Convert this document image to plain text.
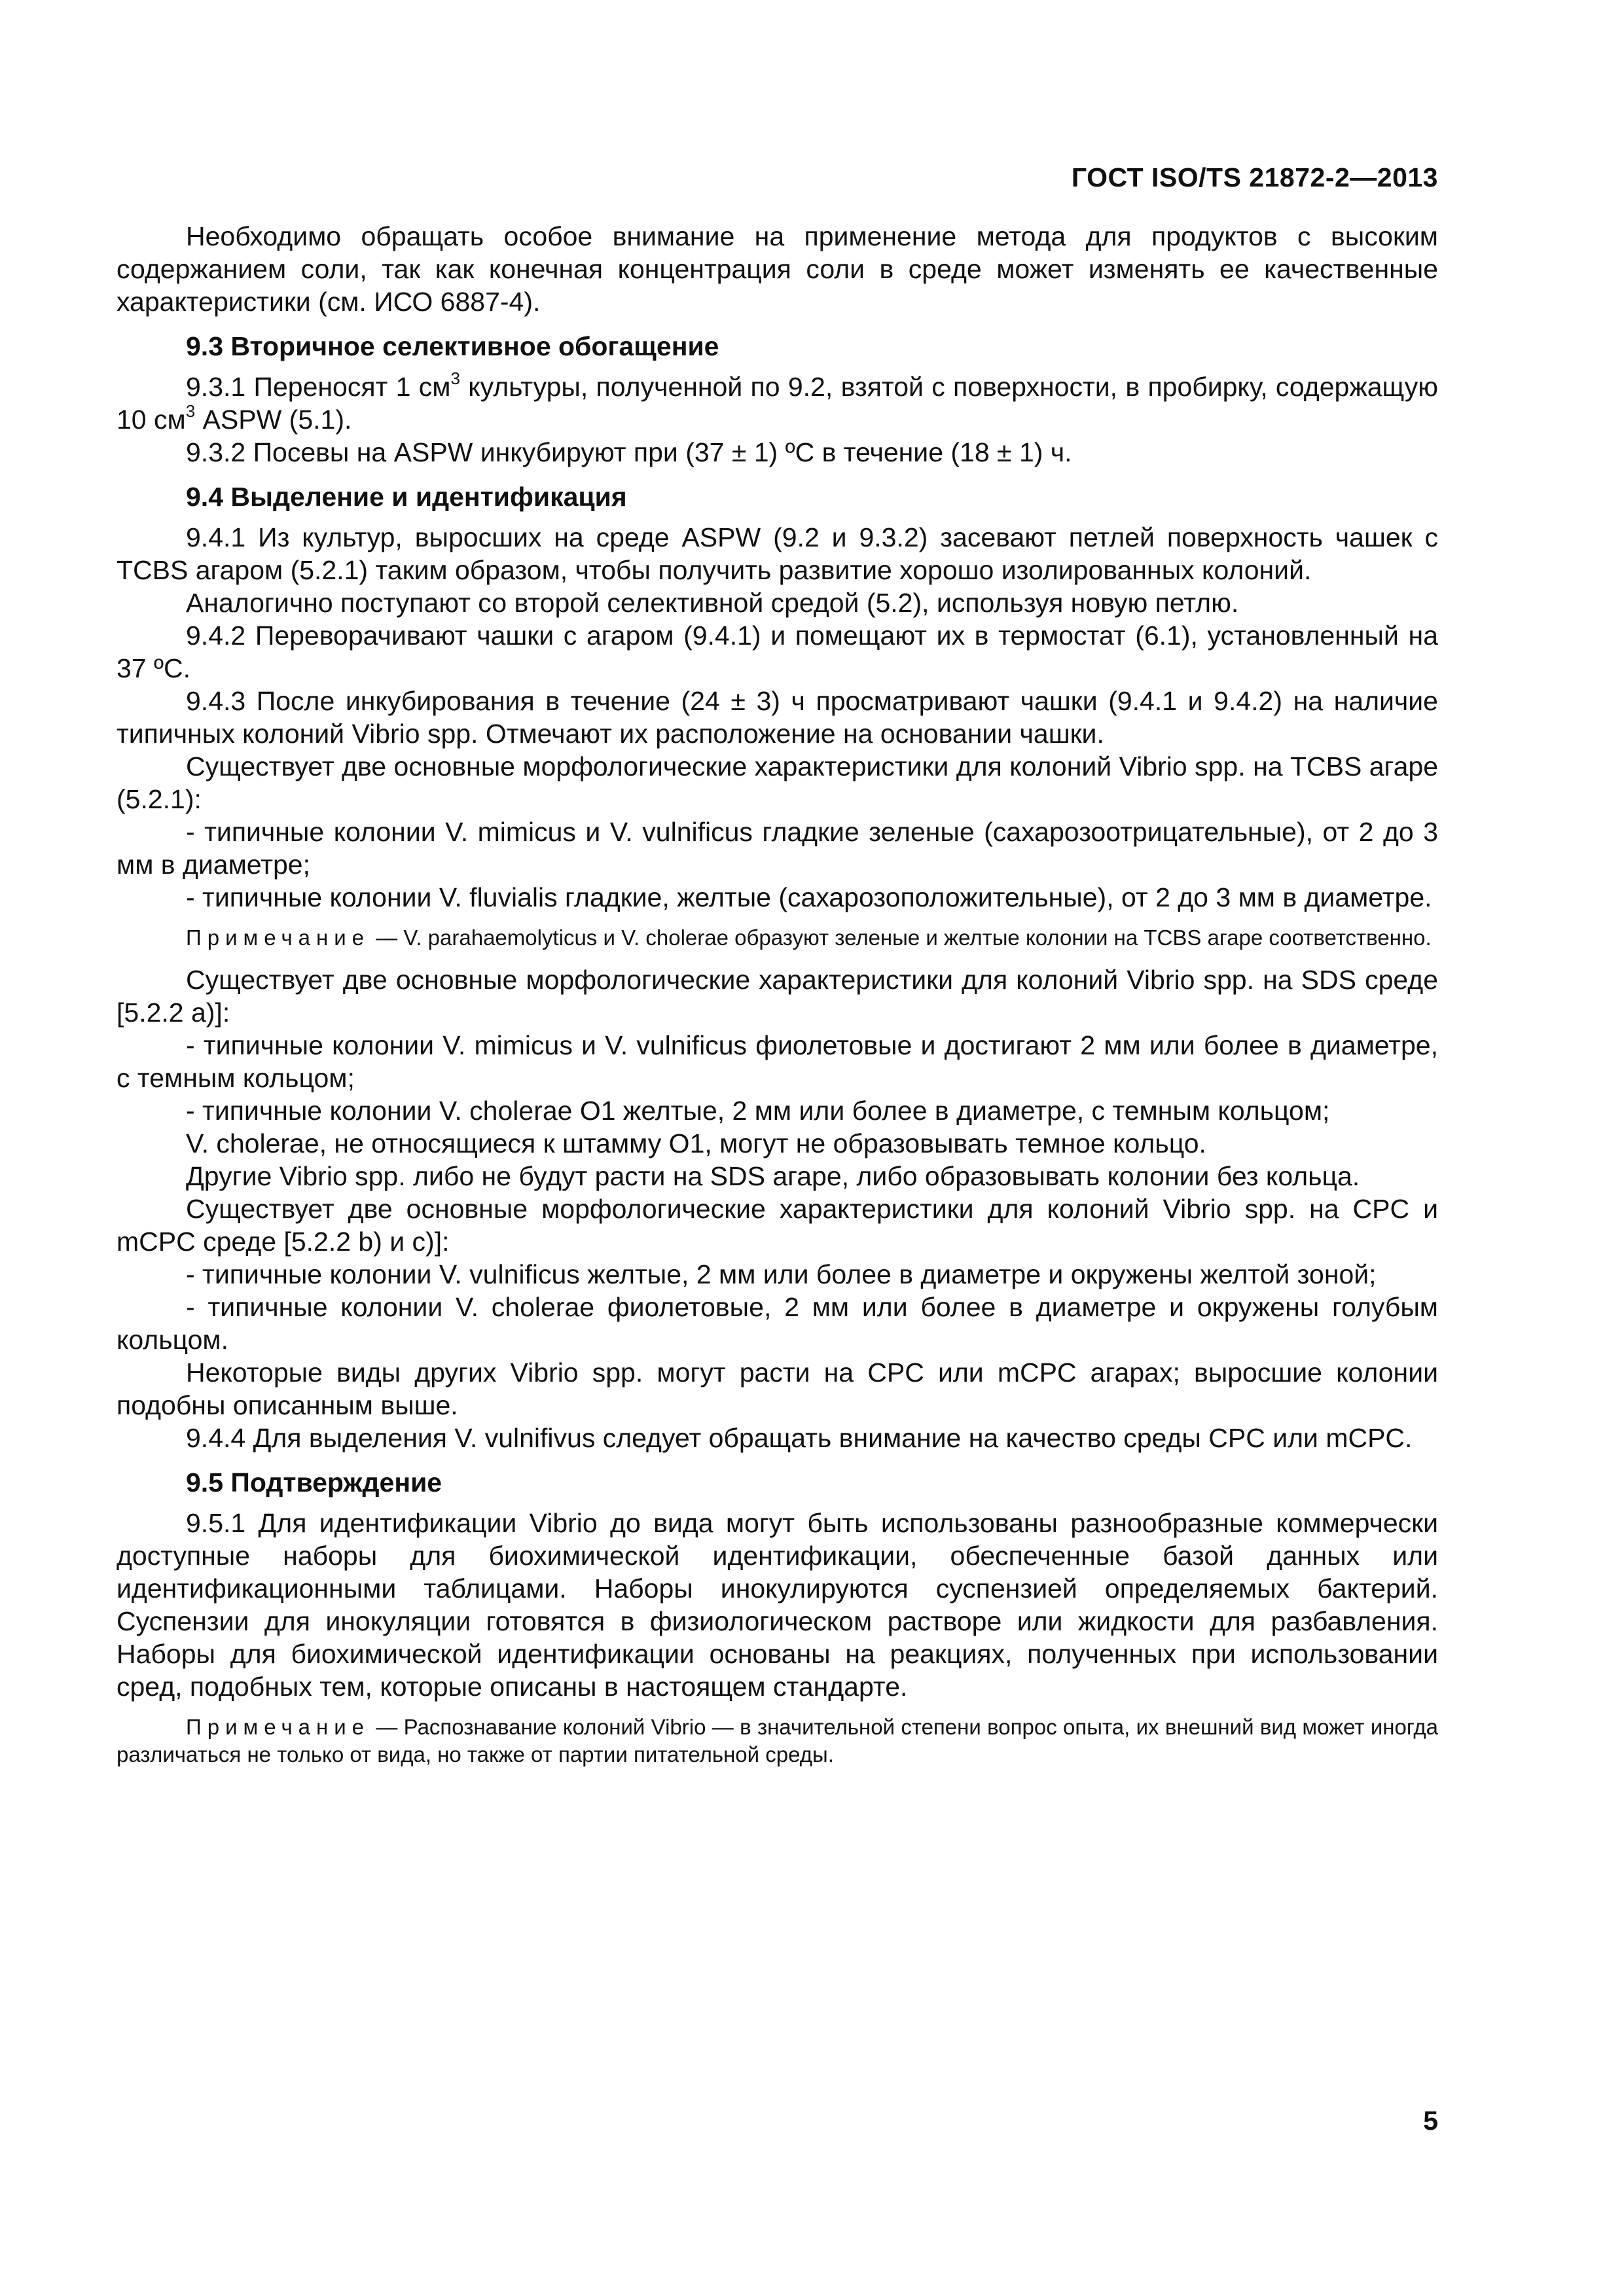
ГОСТ ISO/TS 21872-2—2013

Необходимо обращать особое внимание на применение метода для продуктов с высоким содержанием соли, так как конечная концентрация соли в среде может изменять ее качественные характеристики (см. ИСО 6887-4).

9.3 Вторичное селективное обогащение

9.3.1 Переносят 1 $см^3$ культуры, полученной по 9.2, взятой с поверхности, в пробирку, содержащую 10 $см^3$ ASPW (5.1).

9.3.2 Посевы на ASPW инкубируют при (37 ± 1) ºС в течение (18 ± 1) ч.

9.4 Выделение и идентификация

9.4.1 Из культур, выросших на среде ASPW (9.2 и 9.3.2) засевают петлей поверхность чашек с TCBS агаром (5.2.1) таким образом, чтобы получить развитие хорошо изолированных колоний.

Аналогично поступают со второй селективной средой (5.2), используя новую петлю.

9.4.2 Переворачивают чашки с агаром (9.4.1) и помещают их в термостат (6.1), установленный на 37 ºС.

9.4.3 После инкубирования в течение (24 ± 3) ч просматривают чашки (9.4.1 и 9.4.2) на наличие типичных колоний Vibrio spp. Отмечают их расположение на основании чашки.

Существует две основные морфологические характеристики для колоний Vibrio spp. на TCBS агаре (5.2.1):

- типичные колонии V. mimicus и V. vulnificus гладкие зеленые (сахарозоотрицательные), от 2 до 3 мм в диаметре;

- типичные колонии V. fluvialis гладкие, желтые (сахарозоположительные), от 2 до 3 мм в диаметре.

Примечание — V. parahaemolyticus и V. cholerae образуют зеленые и желтые колонии на TCBS агаре соответственно.

Существует две основные морфологические характеристики для колоний Vibrio spp. на SDS среде [5.2.2 а)]:

- типичные колонии V. mimicus и V. vulnificus фиолетовые и достигают 2 мм или более в диаметре, с темным кольцом;

- типичные колонии V. cholerae O1 желтые, 2 мм или более в диаметре, с темным кольцом;

V. cholerae, не относящиеся к штамму O1, могут не образовывать темное кольцо.

Другие Vibrio spp. либо не будут расти на SDS агаре, либо образовывать колонии без кольца.

Существует две основные морфологические характеристики для колоний Vibrio spp. на CPC и mCPC среде [5.2.2 b) и с)]:

- типичные колонии V. vulnificus желтые, 2 мм или более в диаметре и окружены желтой зоной;

- типичные колонии V. cholerae фиолетовые, 2 мм или более в диаметре и окружены голубым кольцом.

Некоторые виды других Vibrio spp. могут расти на CPC или mCPC агарах; выросшие колонии подобны описанным выше.

9.4.4 Для выделения V. vulnifivus следует обращать внимание на качество среды CPC или mCPC.

9.5 Подтверждение

9.5.1 Для идентификации Vibrio до вида могут быть использованы разнообразные коммерчески доступные наборы для биохимической идентификации, обеспеченные базой данных или идентификационными таблицами. Наборы инокулируются суспензией определяемых бактерий. Суспензии для инокуляции готовятся в физиологическом растворе или жидкости для разбавления. Наборы для биохимической идентификации основаны на реакциях, полученных при использовании сред, подобных тем, которые описаны в настоящем стандарте.

Примечание — Распознавание колоний Vibrio — в значительной степени вопрос опыта, их внешний вид может иногда различаться не только от вида, но также от партии питательной среды.

5
